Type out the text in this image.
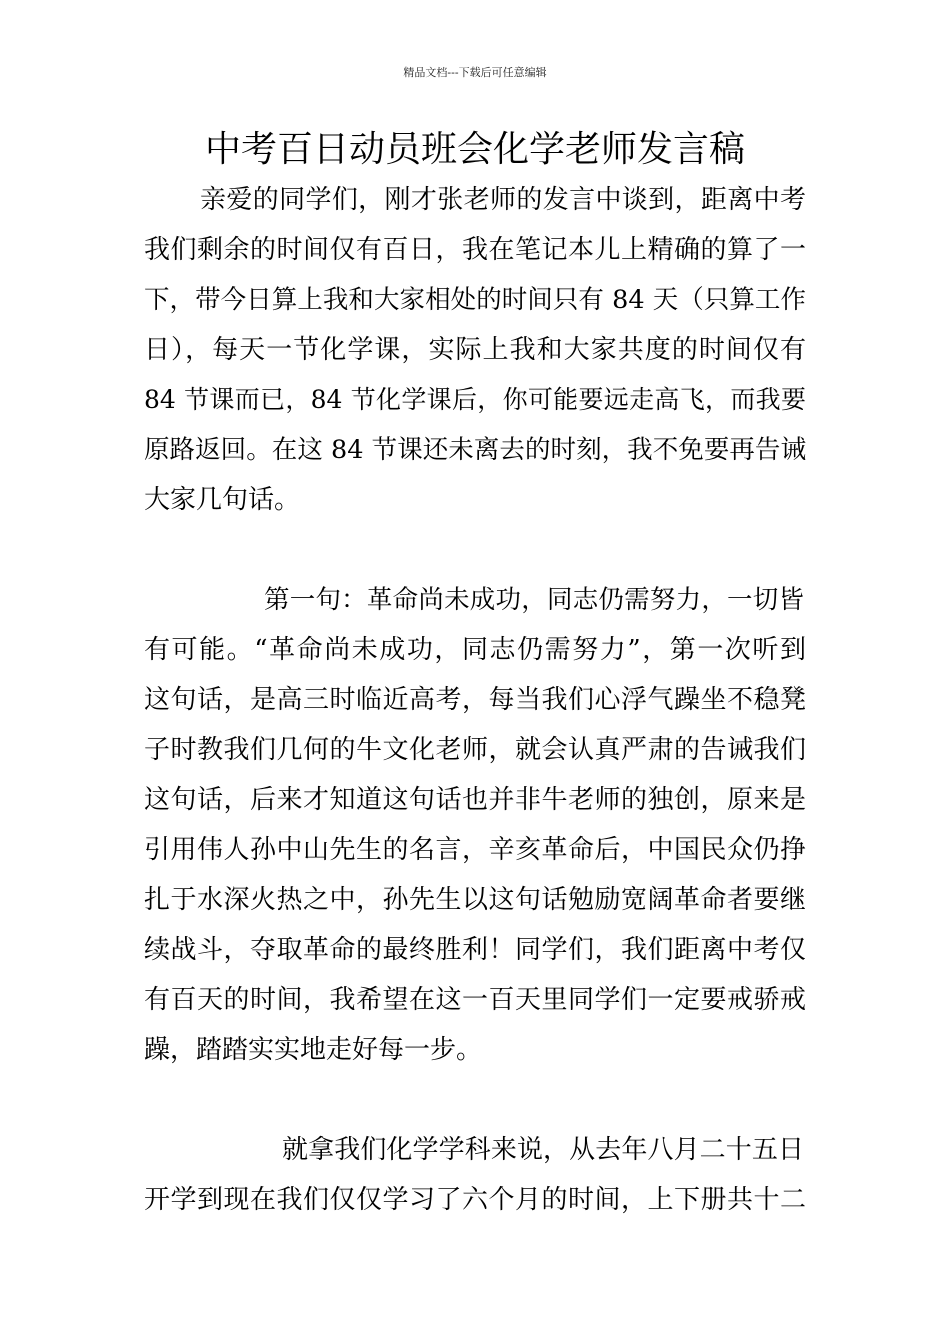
精品文档---下载后可任意编辑
中考百日动员班会化学老师发言稿
亲爱的同学们，刚才张老师的发言中谈到，距离中考
我们剩余的时间仅有百日，我在笔记本儿上精确的算了一
下，带今日算上我和大家相处的时间只有 84 天（只算工作
日），每天一节化学课，实际上我和大家共度的时间仅有
84 节课而已，84 节化学课后，你可能要远走高飞，而我要
原路返回。在这 84 节课还未离去的时刻，我不免要再告诫
大家几句话。
第一句：革命尚未成功，同志仍需努力，一切皆
有可能。“革命尚未成功，同志仍需努力”，第一次听到
这句话，是高三时临近高考，每当我们心浮气躁坐不稳凳
子时教我们几何的牛文化老师，就会认真严肃的告诫我们
这句话，后来才知道这句话也并非牛老师的独创，原来是
引用伟人孙中山先生的名言，辛亥革命后，中国民众仍挣
扎于水深火热之中，孙先生以这句话勉励宽阔革命者要继
续战斗，夺取革命的最终胜利！同学们，我们距离中考仅
有百天的时间，我希望在这一百天里同学们一定要戒骄戒
躁，踏踏实实地走好每一步。
就拿我们化学学科来说，从去年八月二十五日
开学到现在我们仅仅学习了六个月的时间，上下册共十二
